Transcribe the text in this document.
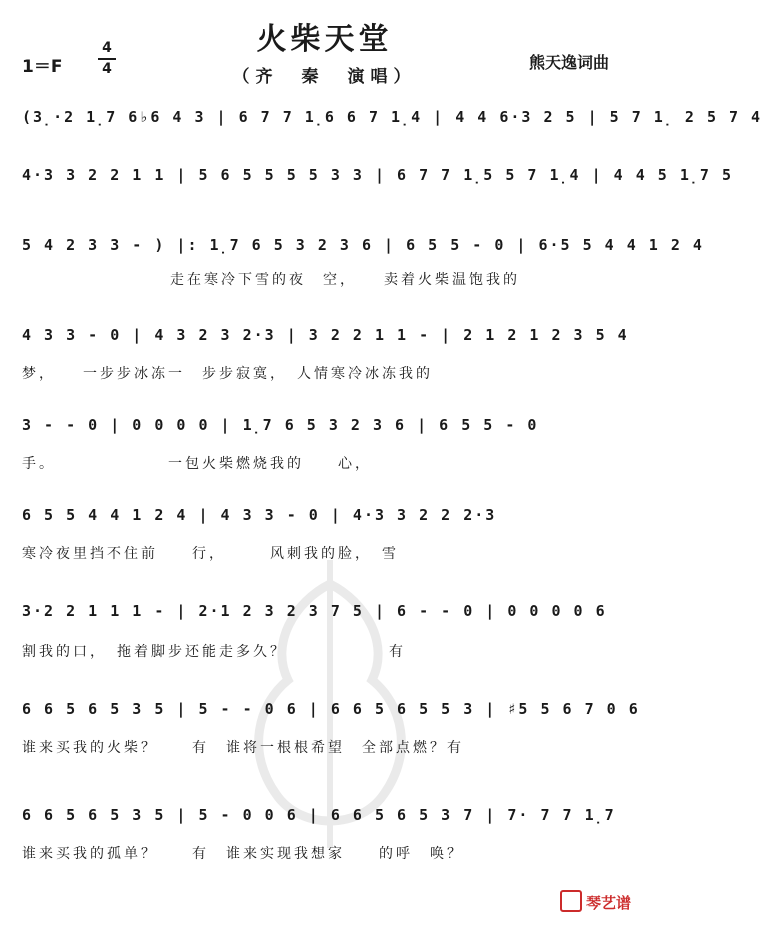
火柴天堂
（齐　秦　演唱）
1＝F
4
4	熊天逸词曲
(3̣·2 1̣7 6♭6 4 3 | 6 7 7 1̣6 6 7 1̣4 | 4 4 6·3 2 5 | 5 7 1̣ 2 5 7 4
4·3 3 2 2 1 1 | 5 6 5 5 5 5 3 3 | 6 7 7 1̣5 5 7 1̣4 | 4 4 5 1̣7 5
5 4 2 3 3 - ) |: 1̣7 6 5 3 2 3 6 | 6 5 5 - 0 | 6·5 5 4 4 1 2 4
走在寒冷下雪的夜　空，　　卖着火柴温饱我的
4 3 3 - 0 | 4 3 2 3 2·3 | 3 2 2 1 1 - | 2 1 2 1 2 3 5 4
梦，　　一步步冰冻一　步步寂寞，　人情寒冷冰冻我的
3 - - 0 | 0 0 0 0 | 1̣7 6 5 3 2 3 6 | 6 5 5 - 0
手。　　　　　　　一包火柴燃烧我的　　心，
6 5 5 4 4 1 2 4 | 4 3 3 - 0 | 4·3 3 2 2 2·3
寒冷夜里挡不住前　　行，　　　风刺我的脸，　雪
3·2 2 1 1 1 - | 2·1 2 3 2 3 7 5 | 6 - - 0 | 0 0 0 0 6
割我的口，　拖着脚步还能走多久？　　　　　　有
6 6 5 6 5 3 5 | 5 - - 0 6 | 6 6 5 6 5 5 3 | ♯5 5 6 7 0 6
谁来买我的火柴？　　有　谁将一根根希望　全部点燃？有
6 6 5 6 5 3 5 | 5 - 0 0 6 | 6 6 5 6 5 3 7 | 7· 7 7 1̣7
谁来买我的孤单？　　有　谁来实现我想家　　的呼　唤？
琴艺谱
